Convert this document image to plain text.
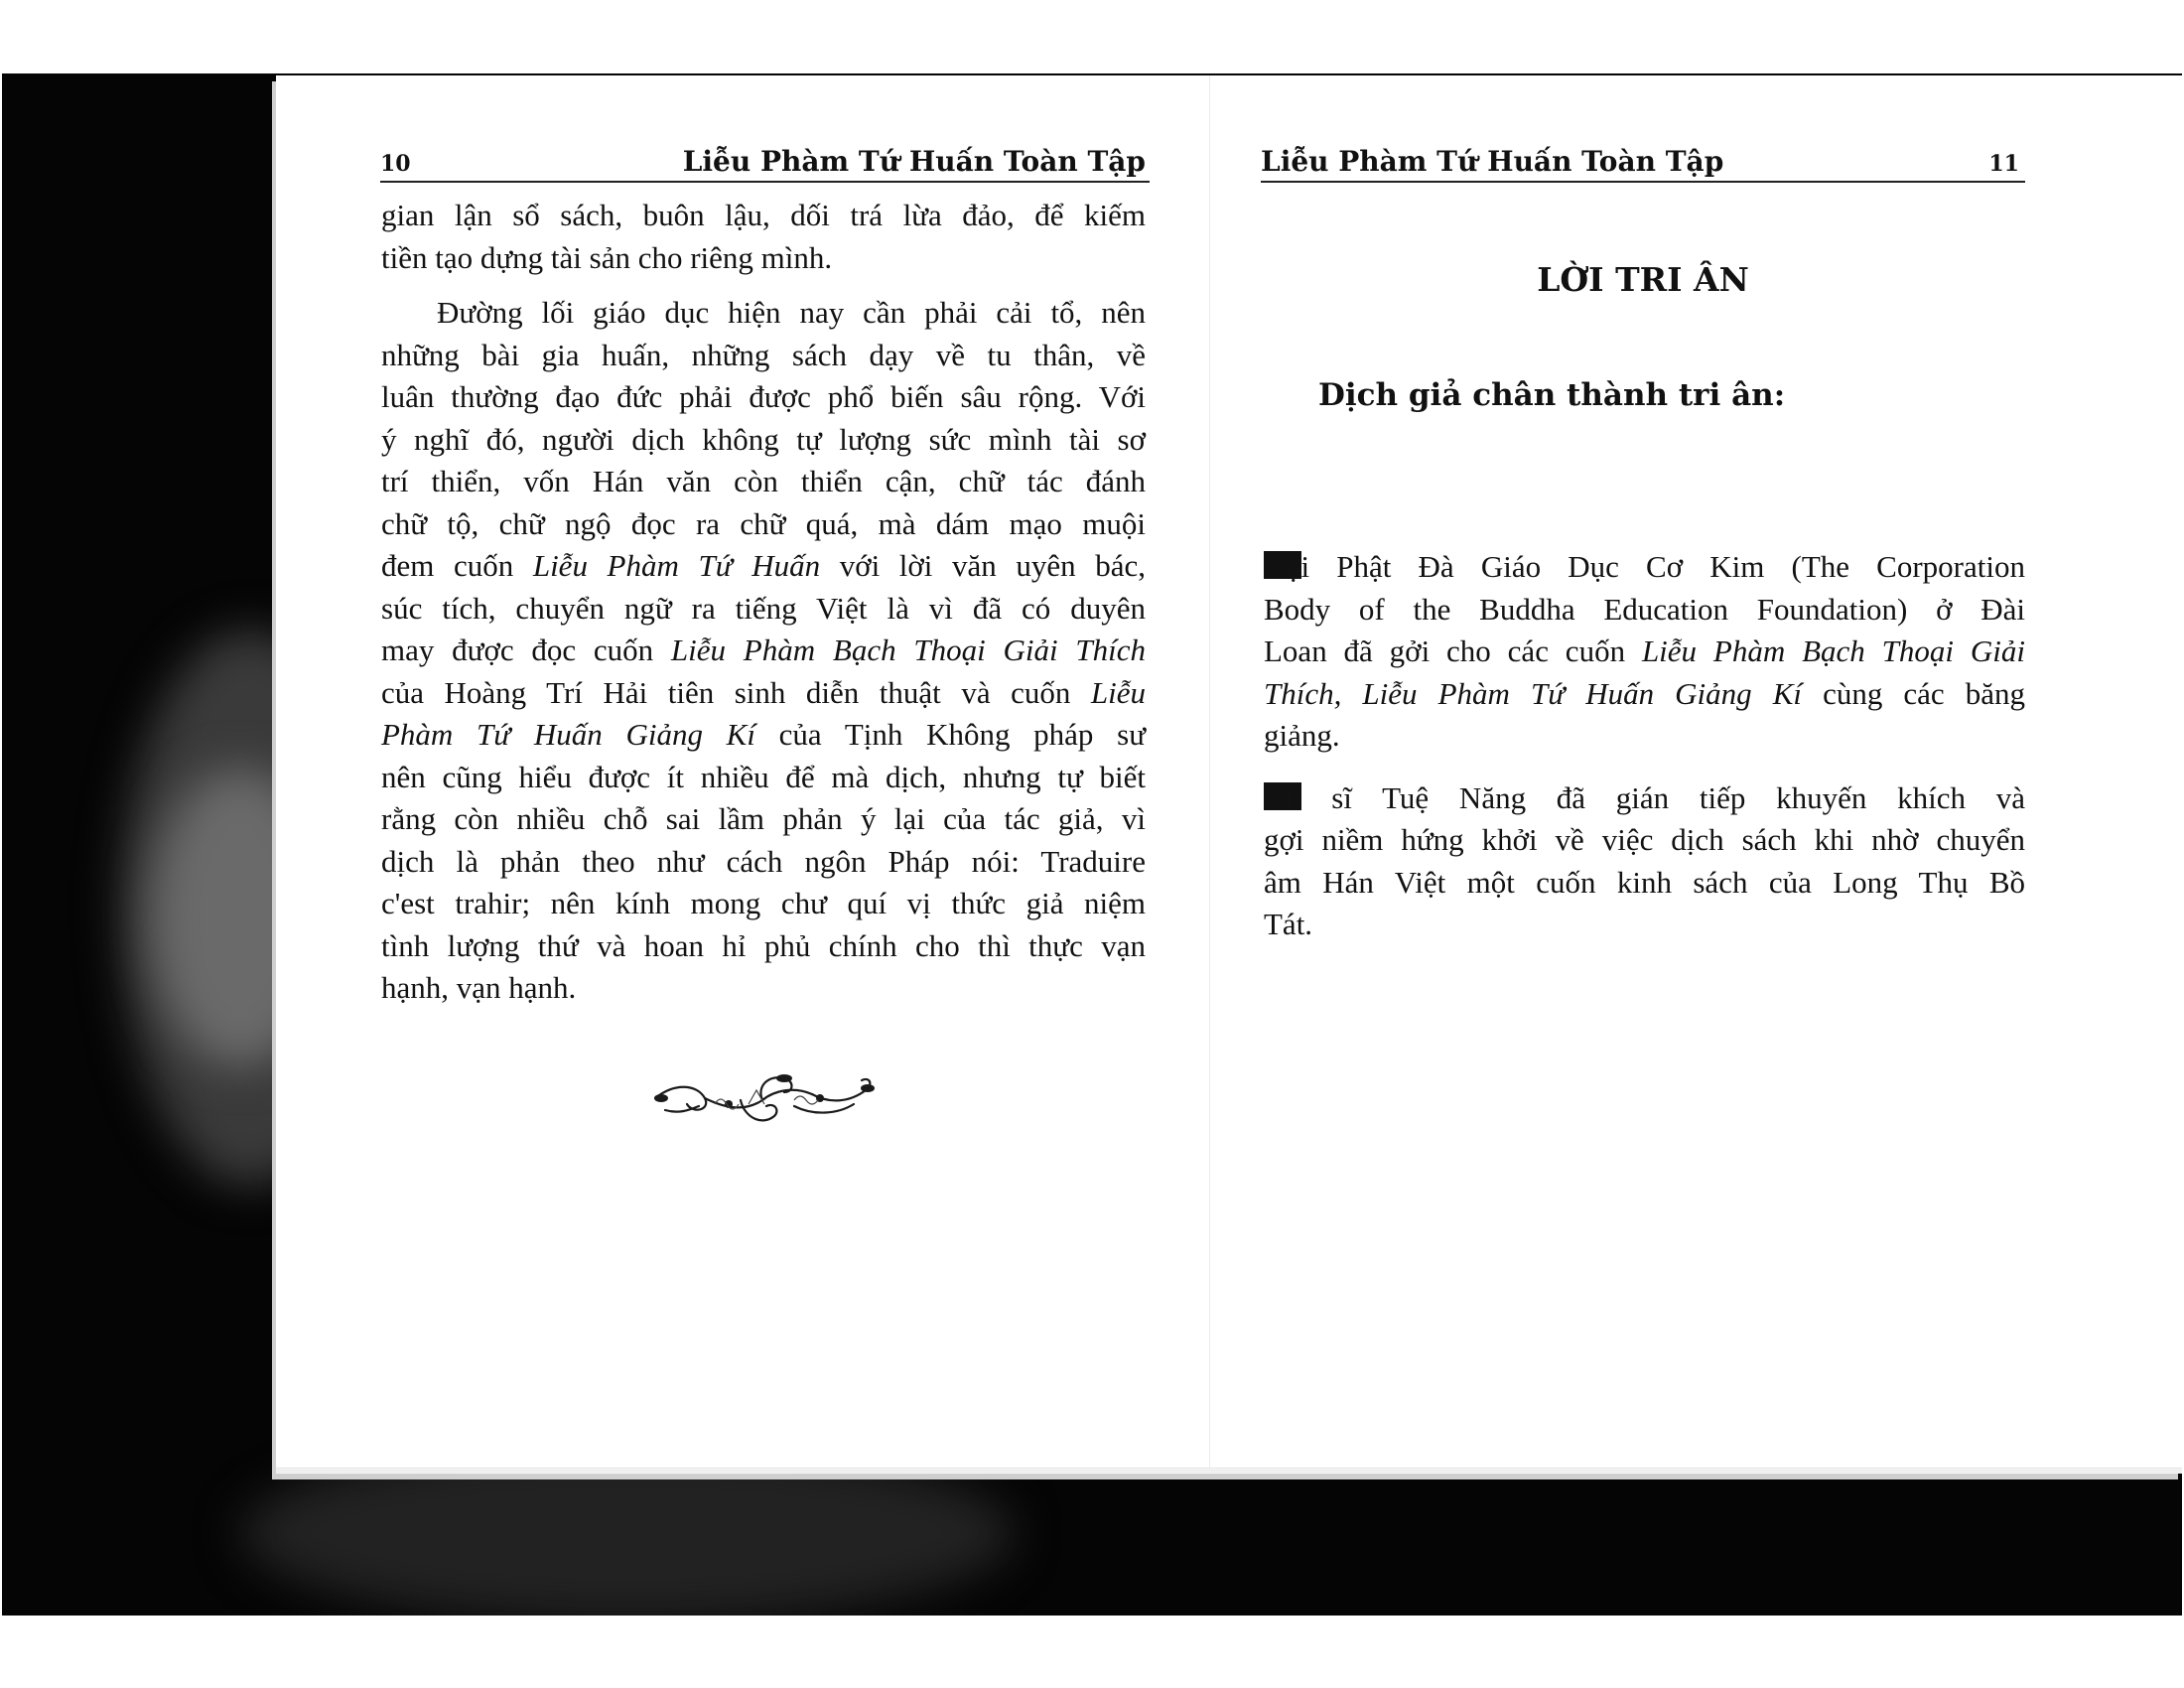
10	Liễu Phàm Tứ Huấn Toàn Tập

gian lận sổ sách, buôn lậu, dối trá lừa đảo, để kiếm
tiền tạo dựng tài sản cho riêng mình.

Đường lối giáo dục hiện nay cần phải cải tổ, nên
những bài gia huấn, những sách dạy về tu thân, về
luân thường đạo đức phải được phổ biến sâu rộng. Với
ý nghĩ đó, người dịch không tự lượng sức mình tài sơ
trí thiển, vốn Hán văn còn thiển cận, chữ tác đánh
chữ tộ, chữ ngộ đọc ra chữ quá, mà dám mạo muội
đem cuốn Liễu Phàm Tứ Huấn với lời văn uyên bác,
súc tích, chuyển ngữ ra tiếng Việt là vì đã có duyên
may được đọc cuốn Liễu Phàm Bạch Thoại Giải Thích
của Hoàng Trí Hải tiên sinh diễn thuật và cuốn Liễu
Phàm Tứ Huấn Giảng Kí của Tịnh Không pháp sư
nên cũng hiểu được ít nhiều để mà dịch, nhưng tự biết
rằng còn nhiều chỗ sai lầm phản ý lại của tác giả, vì
dịch là phản theo như cách ngôn Pháp nói: Traduire
c'est trahir; nên kính mong chư quí vị thức giả niệm
tình lượng thứ và hoan hỉ phủ chính cho thì thực vạn
hạnh, vạn hạnh.

Liễu Phàm Tứ Huấn Toàn Tập	11
LỜI TRI ÂN
Dịch giả chân thành tri ân:

ội Phật Đà Giáo Dục Cơ Kim (The Corporation
Body of the Buddha Education Foundation) ở Đài
Loan đã gởi cho các cuốn Liễu Phàm Bạch Thoại Giải
Thích, Liễu Phàm Tứ Huấn Giảng Kí cùng các băng
giảng.

u sĩ Tuệ Năng đã gián tiếp khuyến khích và
gợi niềm hứng khởi về việc dịch sách khi nhờ chuyển
âm Hán Việt một cuốn kinh sách của Long Thụ Bồ
Tát.
